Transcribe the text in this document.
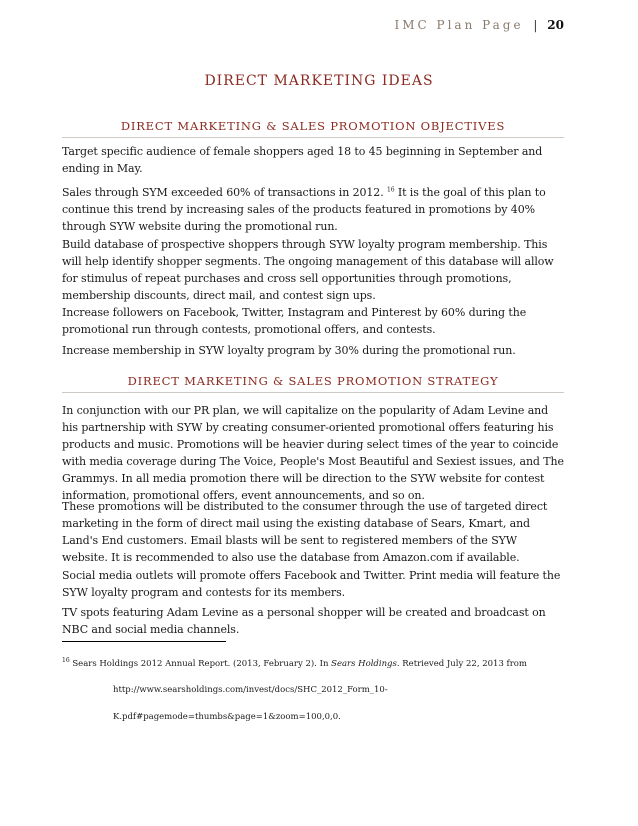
IMC Plan Page | 20
DIRECT MARKETING IDEAS
DIRECT MARKETING & SALES PROMOTION OBJECTIVES

Target specific audience of female shoppers aged 18 to 45 beginning in September and ending in May.

Sales through SYM exceeded 60% of transactions in 2012. $^{16}$ It is the goal of this plan to continue this trend by increasing sales of the products featured in promotions by 40% through SYW website during the promotional run.

Build database of prospective shoppers through SYW loyalty program membership. This will help identify shopper segments. The ongoing management of this database will allow for stimulus of repeat purchases and cross sell opportunities through promotions, membership discounts, direct mail, and contest sign ups.

Increase followers on Facebook, Twitter, Instagram and Pinterest by 60% during the promotional run through contests, promotional offers, and contests.

Increase membership in SYW loyalty program by 30% during the promotional run.

DIRECT MARKETING & SALES PROMOTION STRATEGY

In conjunction with our PR plan, we will capitalize on the popularity of Adam Levine and his partnership with SYW by creating consumer-oriented promotional offers featuring his products and music. Promotions will be heavier during select times of the year to coincide with media coverage during The Voice, People's Most Beautiful and Sexiest issues, and The Grammys. In all media promotion there will be direction to the SYW website for contest information, promotional offers, event announcements, and so on.

These promotions will be distributed to the consumer through the use of targeted direct marketing in the form of direct mail using the existing database of Sears, Kmart, and Land's End customers. Email blasts will be sent to registered members of the SYW website. It is recommended to also use the database from Amazon.com if available.

Social media outlets will promote offers Facebook and Twitter. Print media will feature the SYW loyalty program and contests for its members.

TV spots featuring Adam Levine as a personal shopper will be created and broadcast on NBC and social media channels.

$^{16}$ Sears Holdings 2012 Annual Report. (2013, February 2). In Sears Holdings. Retrieved July 22, 2013 from
http://www.searsholdings.com/invest/docs/SHC_2012_Form_10-
K.pdf#pagemode=thumbs&page=1&zoom=100,0,0.
